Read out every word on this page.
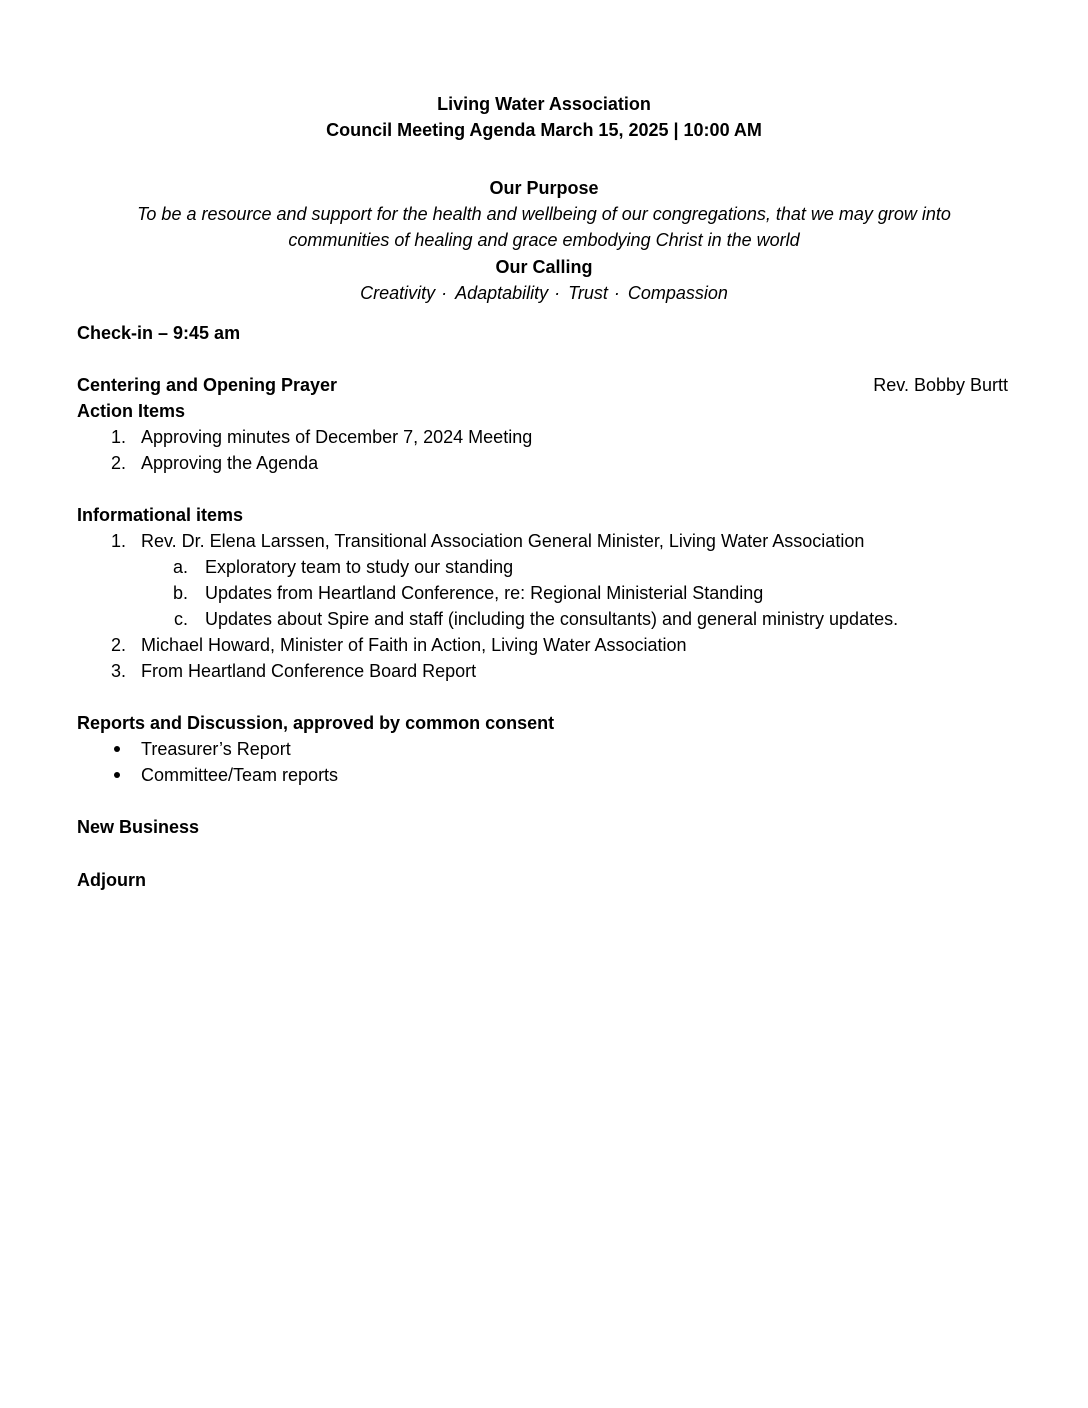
Living Water Association
Council Meeting Agenda March 15, 2025 | 10:00 AM
Our Purpose
To be a resource and support for the health and wellbeing of our congregations, that we may grow into
communities of healing and grace embodying Christ in the world
Our Calling
Creativity · Adaptability · Trust · Compassion
Check-in – 9:45 am
Centering and Opening Prayer	Rev. Bobby Burtt
Action Items
1. Approving minutes of December 7, 2024 Meeting
2. Approving the Agenda
Informational items
1. Rev. Dr. Elena Larssen, Transitional Association General Minister, Living Water Association
a. Exploratory team to study our standing
b. Updates from Heartland Conference, re: Regional Ministerial Standing
c. Updates about Spire and staff (including the consultants) and general ministry updates.
2. Michael Howard, Minister of Faith in Action, Living Water Association
3. From Heartland Conference Board Report
Reports and Discussion, approved by common consent
Treasurer’s Report
Committee/Team reports
New Business
Adjourn
